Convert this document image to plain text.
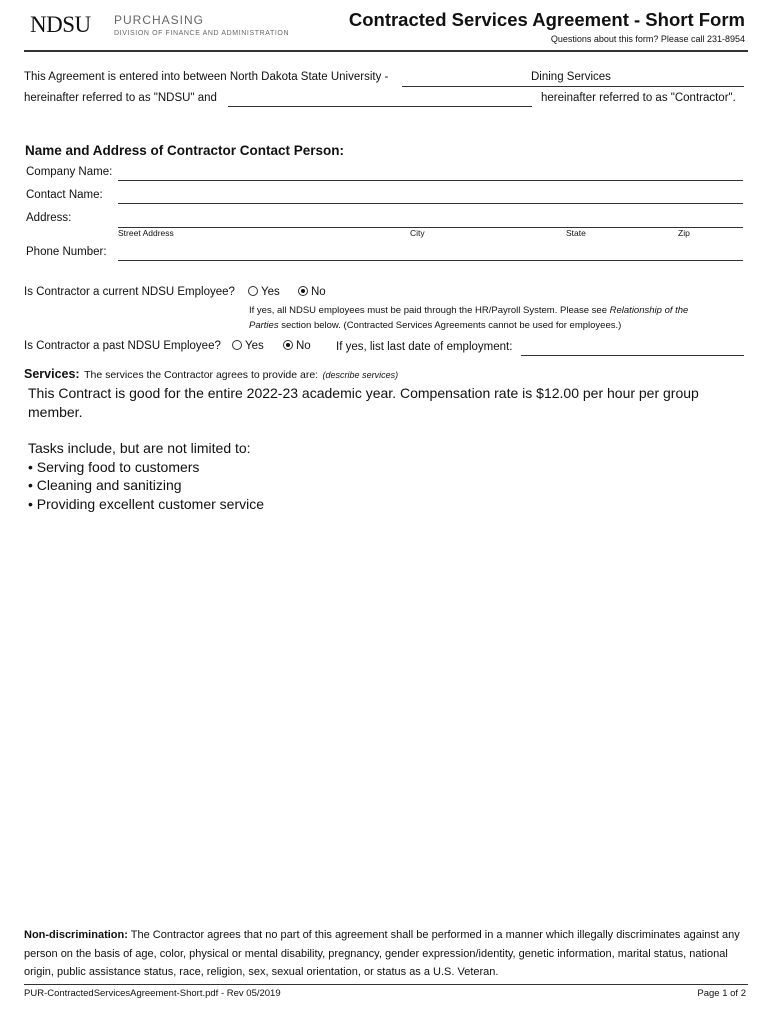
NDSU PURCHASING
DIVISION OF FINANCE AND ADMINISTRATION
Contracted Services Agreement - Short Form
Questions about this form? Please call 231-8954
This Agreement is entered into between North Dakota State University -	Dining Services
hereinafter referred to as "NDSU" and	hereinafter referred to as "Contractor".
Name and Address of Contractor Contact Person:
Company Name:
Contact Name:
Address:
Street Address	City	State	Zip
Phone Number:
Is Contractor a current NDSU Employee?	Yes	No
If yes, all NDSU employees must be paid through the HR/Payroll System. Please see Relationship of the
Parties section below. (Contracted Services Agreements cannot be used for employees.)
Is Contractor a past NDSU Employee?	Yes	No If yes, list last date of employment:
Services: The services the Contractor agrees to provide are: (describe services)

This Contract is good for the entire 2022-23 academic year. Compensation rate is $12.00 per hour per group member.

Tasks include, but are not limited to:

• Serving food to customers
• Cleaning and sanitizing
• Providing excellent customer service
Non-discrimination: The Contractor agrees that no part of this agreement shall be performed in a manner which illegally discriminates against any person on the basis of age, color, physical or mental disability, pregnancy, gender expression/identity, genetic information, marital status, national origin, public assistance status, race, religion, sex, sexual orientation, or status as a U.S. Veteran.
PUR-ContractedServicesAgreement-Short.pdf - Rev 05/2019	Page 1 of 2
